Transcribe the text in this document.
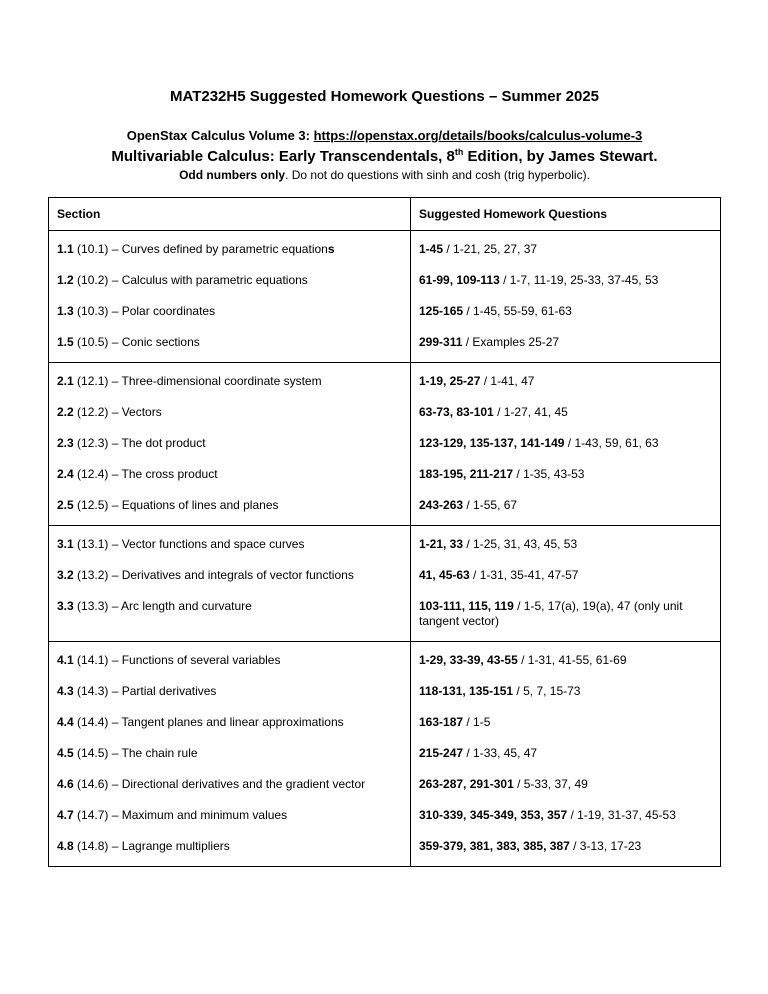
MAT232H5 Suggested Homework Questions – Summer 2025

OpenStax Calculus Volume 3: https://openstax.org/details/books/calculus-volume-3

Multivariable Calculus: Early Transcendentals, 8th Edition, by James Stewart.

Odd numbers only. Do not do questions with sinh and cosh (trig hyperbolic).

Section	Suggested Homework Questions
1.1 (10.1) – Curves defined by parametric equations	1-45 / 1-21, 25, 27, 37
1.2 (10.2) – Calculus with parametric equations	61-99, 109-113 / 1-7, 11-19, 25-33, 37-45, 53
1.3 (10.3) – Polar coordinates	125-165 / 1-45, 55-59, 61-63
1.5 (10.5) – Conic sections	299-311 / Examples 25-27
2.1 (12.1) – Three-dimensional coordinate system	1-19, 25-27 / 1-41, 47
2.2 (12.2) – Vectors	63-73, 83-101 / 1-27, 41, 45
2.3 (12.3) – The dot product	123-129, 135-137, 141-149 / 1-43, 59, 61, 63
2.4 (12.4) – The cross product	183-195, 211-217 / 1-35, 43-53
2.5 (12.5) – Equations of lines and planes	243-263 / 1-55, 67
3.1 (13.1) – Vector functions and space curves	1-21, 33 / 1-25, 31, 43, 45, 53
3.2 (13.2) – Derivatives and integrals of vector functions	41, 45-63 / 1-31, 35-41, 47-57
3.3 (13.3) – Arc length and curvature	103-111, 115, 119 / 1-5, 17(a), 19(a), 47 (only unit tangent vector)
4.1 (14.1) – Functions of several variables	1-29, 33-39, 43-55 / 1-31, 41-55, 61-69
4.3 (14.3) – Partial derivatives	118-131, 135-151 / 5, 7, 15-73
4.4 (14.4) – Tangent planes and linear approximations	163-187 / 1-5
4.5 (14.5) – The chain rule	215-247 / 1-33, 45, 47
4.6 (14.6) – Directional derivatives and the gradient vector	263-287, 291-301 / 5-33, 37, 49
4.7 (14.7) – Maximum and minimum values	310-339, 345-349, 353, 357 / 1-19, 31-37, 45-53
4.8 (14.8) – Lagrange multipliers	359-379, 381, 383, 385, 387 / 3-13, 17-23
